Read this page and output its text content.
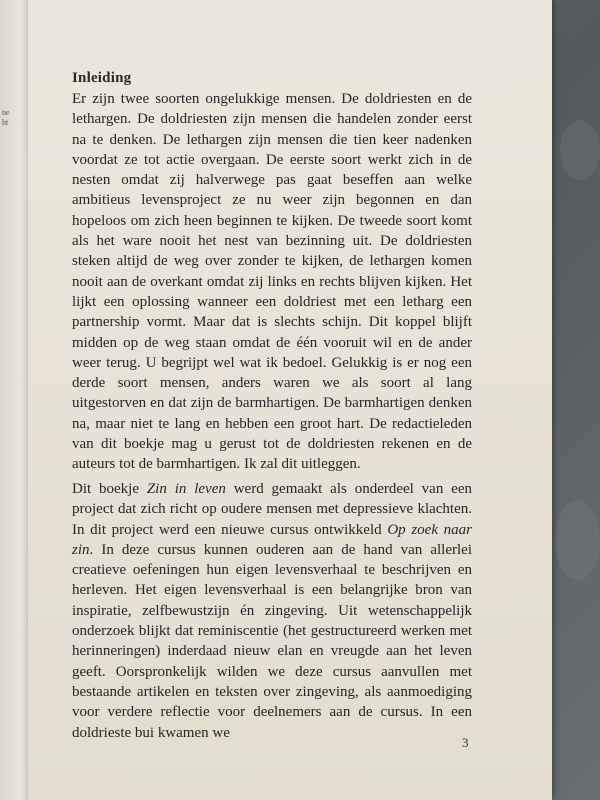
ne
ht
Inleiding
Er zijn twee soorten ongelukkige mensen. De doldriesten en de lethargen. De doldriesten zijn mensen die handelen zonder eerst na te denken. De lethargen zijn mensen die tien keer nadenken voordat ze tot actie overgaan. De eerste soort werkt zich in de nesten omdat zij halverwege pas gaat beseffen aan welke ambitieus levensproject ze nu weer zijn begonnen en dan hopeloos om zich heen beginnen te kijken. De tweede soort komt als het ware nooit het nest van bezinning uit. De doldriesten steken altijd de weg over zonder te kijken, de lethargen komen nooit aan de overkant omdat zij links en rechts blijven kijken. Het lijkt een oplossing wanneer een doldriest met een letharg een partnership vormt. Maar dat is slechts schijn. Dit koppel blijft midden op de weg staan omdat de één vooruit wil en de ander weer terug. U begrijpt wel wat ik bedoel. Gelukkig is er nog een derde soort mensen, anders waren we als soort al lang uitgestorven en dat zijn de barmhartigen. De barmhartigen denken na, maar niet te lang en hebben een groot hart. De redactieleden van dit boekje mag u gerust tot de doldriesten rekenen en de auteurs tot de barmhartigen. Ik zal dit uitleggen.
Dit boekje Zin in leven werd gemaakt als onderdeel van een project dat zich richt op oudere mensen met depressieve klachten. In dit project werd een nieuwe cursus ontwikkeld Op zoek naar zin. In deze cursus kunnen ouderen aan de hand van allerlei creatieve oefeningen hun eigen levensverhaal te beschrijven en herleven. Het eigen levensverhaal is een belangrijke bron van inspiratie, zelfbewustzijn én zingeving. Uit wetenschappelijk onderzoek blijkt dat reminiscentie (het gestructureerd werken met herinneringen) inderdaad nieuw elan en vreugde aan het leven geeft. Oorspronkelijk wilden we deze cursus aanvullen met bestaande artikelen en teksten over zingeving, als aanmoediging voor verdere reflectie voor deelnemers aan de cursus. In een doldrieste bui kwamen we
3
